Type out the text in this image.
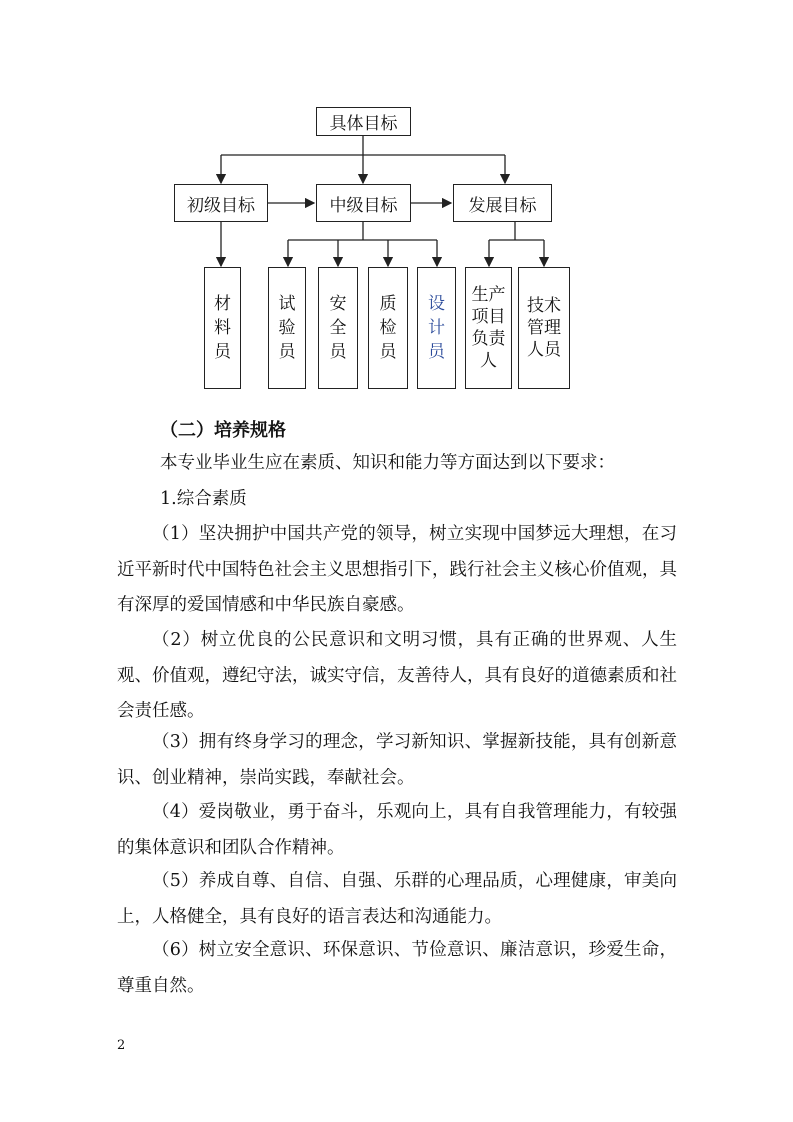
具体目标
初级目标	中级目标	发展目标
材料员
试验员
安全员
质检员
设计员
生产项目负责人
技术管理人员
（二）培养规格
本专业毕业生应在素质、知识和能力等方面达到以下要求：
1.综合素质
（1）坚决拥护中国共产党的领导，树立实现中国梦远大理想，在习近平新时代中国特色社会主义思想指引下，践行社会主义核心价值观，具有深厚的爱国情感和中华民族自豪感。
（2）树立优良的公民意识和文明习惯，具有正确的世界观、人生观、价值观，遵纪守法，诚实守信，友善待人，具有良好的道德素质和社会责任感。
（3）拥有终身学习的理念，学习新知识、掌握新技能，具有创新意识、创业精神，崇尚实践，奉献社会。
（4）爱岗敬业，勇于奋斗，乐观向上，具有自我管理能力，有较强的集体意识和团队合作精神。
（5）养成自尊、自信、自强、乐群的心理品质，心理健康，审美向上，人格健全，具有良好的语言表达和沟通能力。
（6）树立安全意识、环保意识、节俭意识、廉洁意识，珍爱生命，尊重自然。
2
